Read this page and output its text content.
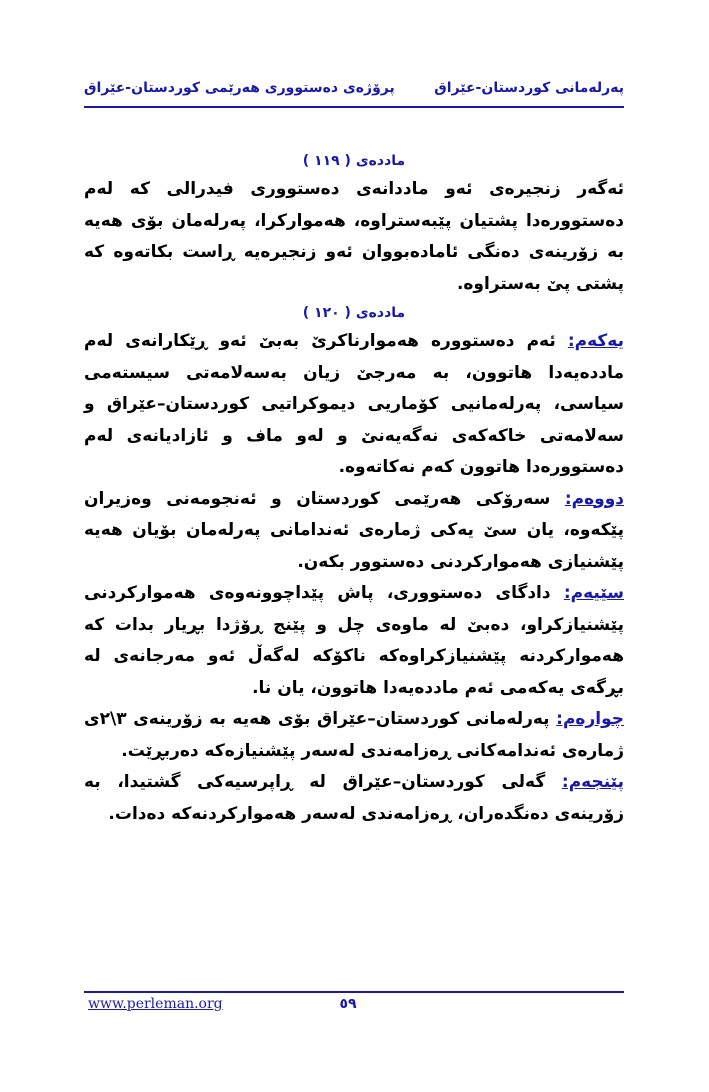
پرۆژەی دەستووری هەرێمی کوردستان-عێراق	پەرلەمانی کوردستان-عێراق

ماددەی ( ١١٩ )

ئەگەر زنجیرەی ئەو ماددانەی دەستووری فیدرالی کە لەم دەستوورەدا پشتیان پێبەستراوە، هەموارکرا، پەرلەمان بۆی هەیە بە زۆرینەی دەنگی ئامادەبووان ئەو زنجیرەیە ڕاست بکاتەوە کە پشتی پێ بەستراوە.

ماددەی ( ١٢٠ )

یەکەم: ئەم دەستوورە هەموارناکرێ بەبێ ئەو ڕێکارانەی لەم ماددەیەدا هاتوون، بە مەرجێ زیان بەسەلامەتی سیستەمی سیاسی، پەرلەمانیی کۆماریی دیموکراتیی کوردستان–عێراق و سەلامەتی خاکەکەی نەگەیەنێ و لەو ماف و ئازادیانەی لەم دەستوورەدا هاتوون کەم نەکاتەوە.

دووەم: سەرۆکی هەرێمی کوردستان و ئەنجومەنی وەزیران پێکەوە، یان سێ یەکی ژمارەی ئەندامانی پەرلەمان بۆیان هەیە پێشنیازی هەموارکردنی دەستوور بکەن.

سێیەم: دادگای دەستووری، پاش پێداچوونەوەی هەموارکردنی پێشنیازکراو، دەبێ لە ماوەی چل و پێنج ڕۆژدا بڕیار بدات کە هەموارکردنە پێشنیازکراوەکە ناکۆکە لەگەڵ ئەو مەرجانەی لە بڕگەی یەکەمی ئەم ماددەیەدا هاتوون، یان نا.

چوارەم: پەرلەمانی کوردستان–عێراق بۆی هەیە بە زۆرینەی ٣\٢ی ژمارەی ئەندامەکانی ڕەزامەندی لەسەر پێشنیازەکە دەربڕێت.

پێنجەم: گەلی کوردستان–عێراق لە ڕاپرسیەکی گشتیدا، بە زۆرینەی دەنگدەران، ڕەزامەندی لەسەر هەموارکردنەکە دەدات.

www.perleman.org	٥٩
